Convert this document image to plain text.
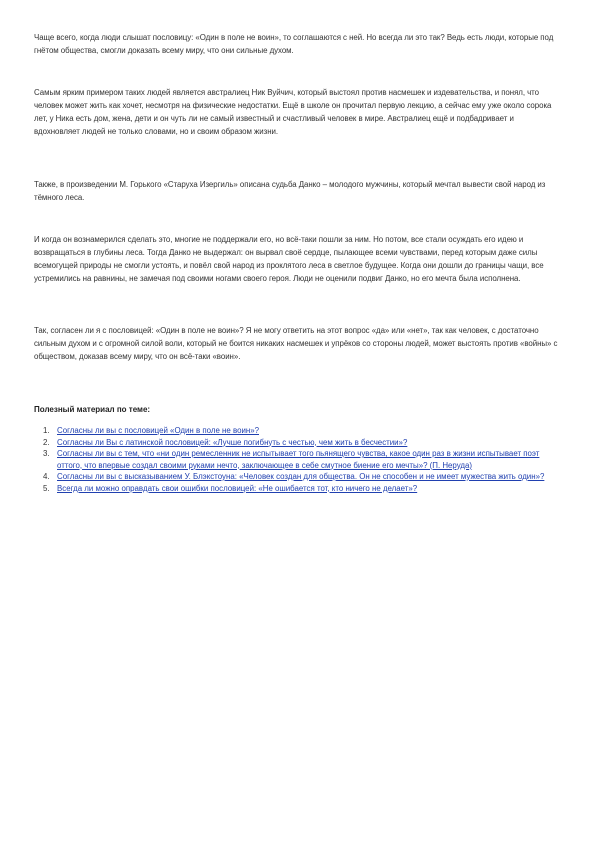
Чаще всего, когда люди слышат пословицу: «Один в поле не воин», то соглашаются с ней. Но всегда ли это так? Ведь есть люди, которые под гнётом общества, смогли доказать всему миру, что они сильные духом.

Самым ярким примером таких людей является австралиец Ник Вуйчич, который выстоял против насмешек и издевательства, и понял, что человек может жить как хочет, несмотря на физические недостатки. Ещё в школе он прочитал первую лекцию, а сейчас ему уже около сорока лет, у Ника есть дом, жена, дети и он чуть ли не самый известный и счастливый человек в мире. Австралиец ещё и подбадривает и вдохновляет людей не только словами, но и своим образом жизни.

Также, в произведении М. Горького «Старуха Изергиль» описана судьба Данко – молодого мужчины, который мечтал вывести свой народ из тёмного леса.

И когда он вознамерился сделать это, многие не поддержали его, но всё-таки пошли за ним. Но потом, все стали осуждать его идею и возвращаться в глубины леса. Тогда Данко не выдержал: он вырвал своё сердце, пылающее всеми чувствами, перед которым даже силы всемогущей природы не смогли устоять, и повёл свой народ из проклятого леса в светлое будущее. Когда они дошли до границы чащи, все устремились на равнины, не замечая под своими ногами своего героя. Люди не оценили подвиг Данко, но его мечта была исполнена.

Так, согласен ли я с пословицей: «Один в поле не воин»? Я не могу ответить на этот вопрос «да» или «нет», так как человек, с достаточно сильным духом и с огромной силой воли, который не боится никаких насмешек и упрёков со стороны людей, может выстоять против «войны» с обществом, доказав всему миру, что он всё-таки «воин».

Полезный материал по теме:

1. Согласны ли вы с пословицей «Один в поле не воин»?
2. Согласны ли Вы с латинской пословицей: «Лучше погибнуть с честью, чем жить в бесчестии»?
3. Согласны ли вы с тем, что «ни один ремесленник не испытывает того пьянящего чувства, какое один раз в жизни испытывает поэт оттого, что впервые создал своими руками нечто, заключающее в себе смутное биение его мечты»? (П. Неруда)
4. Согласны ли вы с высказыванием У. Блэкстоуна: «Человек создан для общества. Он не способен и не имеет мужества жить один»?
5. Всегда ли можно оправдать свои ошибки пословицей: «Не ошибается тот, кто ничего не делает»?
